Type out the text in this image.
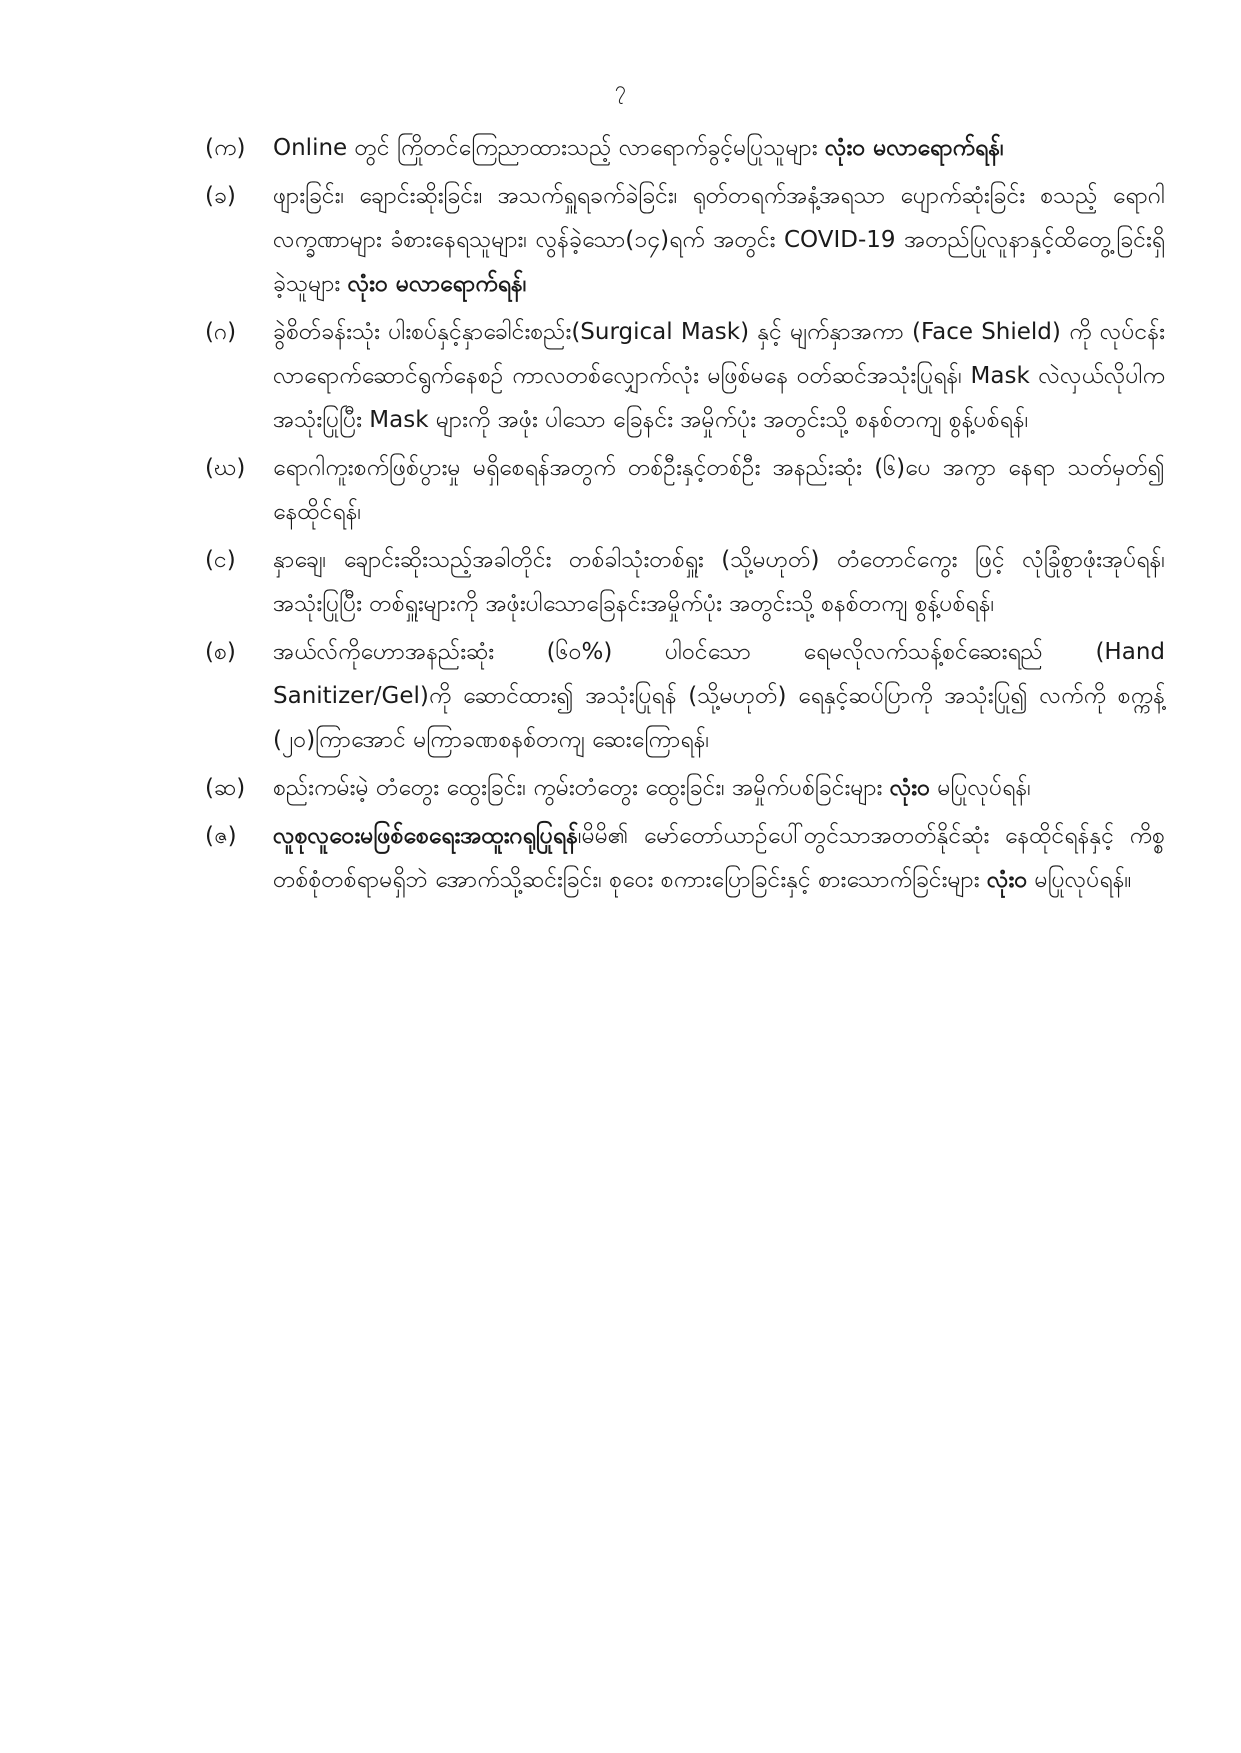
၇
(က)	Online တွင် ကြိုတင်ကြေညာထားသည့် လာရောက်ခွင့်မပြုသူများ လုံးဝ မလာရောက်ရန်၊
(ခ)	ဖျားခြင်း၊ ချောင်းဆိုးခြင်း၊ အသက်ရှူရခက်ခဲခြင်း၊ ရုတ်တရက်အနံ့အရသာ ပျောက်ဆုံးခြင်း စသည့် ရောဂါလက္ခဏာများ ခံစားနေရသူများ၊ လွန်ခဲ့သော(၁၄)ရက် အတွင်း COVID-19 အတည်ပြုလူနာနှင့်ထိတွေ့ခြင်းရှိခဲ့သူများ လုံးဝ မလာရောက်ရန်၊
(ဂ)	ခွဲစိတ်ခန်းသုံး ပါးစပ်နှင့်နှာခေါင်းစည်း(Surgical Mask) နှင့် မျက်နှာအကာ (Face Shield) ကို လုပ်ငန်းလာရောက်ဆောင်ရွက်နေစဉ် ကာလတစ်လျှောက်လုံး မဖြစ်မနေ ဝတ်ဆင်အသုံးပြုရန်၊ Mask လဲလှယ်လိုပါက အသုံးပြုပြီး Mask များကို အဖုံး ပါသော ခြေနင်း အမှိုက်ပုံး အတွင်းသို့ စနစ်တကျ စွန့်ပစ်ရန်၊
(ဃ)	ရောဂါကူးစက်ဖြစ်ပွားမှု မရှိစေရန်အတွက် တစ်ဦးနှင့်တစ်ဦး အနည်းဆုံး (၆)ပေ အကွာ နေရာ သတ်မှတ်၍ နေထိုင်ရန်၊
(င)	နှာချေ၊ ချောင်းဆိုးသည့်အခါတိုင်း တစ်ခါသုံးတစ်ရှူး (သို့မဟုတ်) တံတောင်ကွေး ဖြင့် လုံခြုံစွာဖုံးအုပ်ရန်၊ အသုံးပြုပြီး တစ်ရှူးများကို အဖုံးပါသောခြေနင်းအမှိုက်ပုံး အတွင်းသို့ စနစ်တကျ စွန့်ပစ်ရန်၊
(စ)	အယ်လ်ကိုဟောအနည်းဆုံး (၆၀%) ပါဝင်သော ရေမလိုလက်သန့်စင်ဆေးရည် (Hand Sanitizer/Gel)ကို ဆောင်ထား၍ အသုံးပြုရန် (သို့မဟုတ်) ရေနှင့်ဆပ်ပြာကို အသုံးပြု၍ လက်ကို စက္ကန့် (၂၀)ကြာအောင် မကြာခဏစနစ်တကျ ဆေးကြောရန်၊
(ဆ)	စည်းကမ်းမဲ့ တံတွေး ထွေးခြင်း၊ ကွမ်းတံတွေး ထွေးခြင်း၊ အမှိုက်ပစ်ခြင်းများ လုံးဝ မပြုလုပ်ရန်၊
(ဇ)	လူစုလူဝေးမဖြစ်စေရေးအထူးဂရုပြုရန်၊မိမိ၏ မော်တော်ယာဉ်ပေါ်တွင်သာအတတ်နိုင်ဆုံး နေထိုင်ရန်နှင့် ကိစ္စတစ်စုံတစ်ရာမရှိဘဲ အောက်သို့ဆင်းခြင်း၊ စုဝေး စကားပြောခြင်းနှင့် စားသောက်ခြင်းများ လုံးဝ မပြုလုပ်ရန်။
